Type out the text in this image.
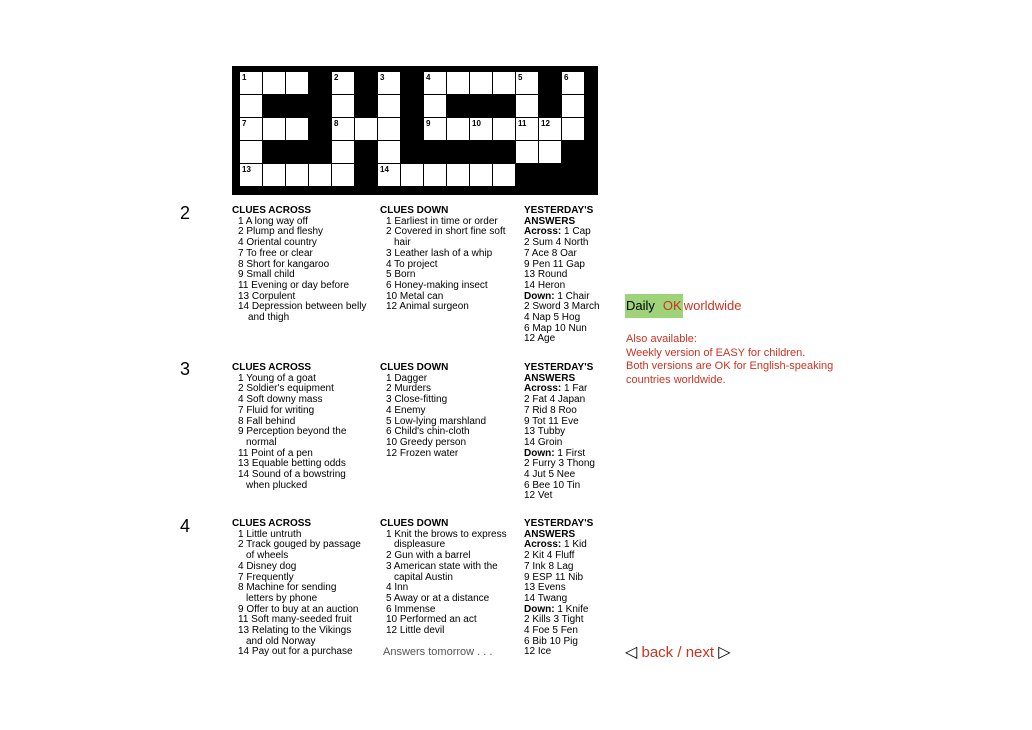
1	2	3	4	5	6
7	8	9	10	11 12
13	14
2	CLUES ACROSS
1 A long way off
2 Plump and fleshy
4 Oriental country
7 To free or clear
8 Short for kangaroo
9 Small child
11 Evening or day before
13 Corpulent
14 Depression between belly
and thigh
CLUES DOWN
1 Earliest in time or order
2 Covered in short fine soft
hair
3 Leather lash of a whip
4 To project
5 Born
6 Honey-making insect
10 Metal can
12 Animal surgeon
YESTERDAY'S
ANSWERS
Across: 1 Cap
2 Sum 4 North
7 Ace 8 Oar
9 Pen 11 Gap
13 Round
14 Heron
Down: 1 Chair
2 Sword 3 March
4 Nap 5 Hog
6 Map 10 Nun
12 Age
3	CLUES ACROSS
1 Young of a goat
2 Soldier's equipment
4 Soft downy mass
7 Fluid for writing
8 Fall behind
9 Perception beyond the
normal
11 Point of a pen
13 Equable betting odds
14 Sound of a bowstring
when plucked
CLUES DOWN
1 Dagger
2 Murders
3 Close-fitting
4 Enemy
5 Low-lying marshland
6 Child's chin-cloth
10 Greedy person
12 Frozen water
YESTERDAY'S
ANSWERS
Across: 1 Far
2 Fat 4 Japan
7 Rid 8 Roo
9 Tot 11 Eve
13 Tubby
14 Groin
Down: 1 First
2 Furry 3 Thong
4 Jut 5 Nee
6 Bee 10 Tin
12 Vet
4	CLUES ACROSS
1 Little untruth
2 Track gouged by passage
of wheels
4 Disney dog
7 Frequently
8 Machine for sending
letters by phone
9 Offer to buy at an auction
11 Soft many-seeded fruit
13 Relating to the Vikings
and old Norway
14 Pay out for a purchase
CLUES DOWN
1 Knit the brows to express
displeasure
2 Gun with a barrel
3 American state with the
capital Austin
4 Inn
5 Away or at a distance
6 Immense
10 Performed an act
12 Little devil
Answers tomorrow . . .
YESTERDAY'S
ANSWERS
Across: 1 Kid
2 Kit 4 Fluff
7 Ink 8 Lag
9 ESP 11 Nib
13 Evens
14 Twang
Down: 1 Knife
2 Kills 3 Tight
4 Foe 5 Fen
6 Bib 10 Pig
12 Ice
Daily OK worldwide
Also available:
Weekly version of EASY for children.
Both versions are OK for English-speaking countries worldwide.
◁ back / next ▷
